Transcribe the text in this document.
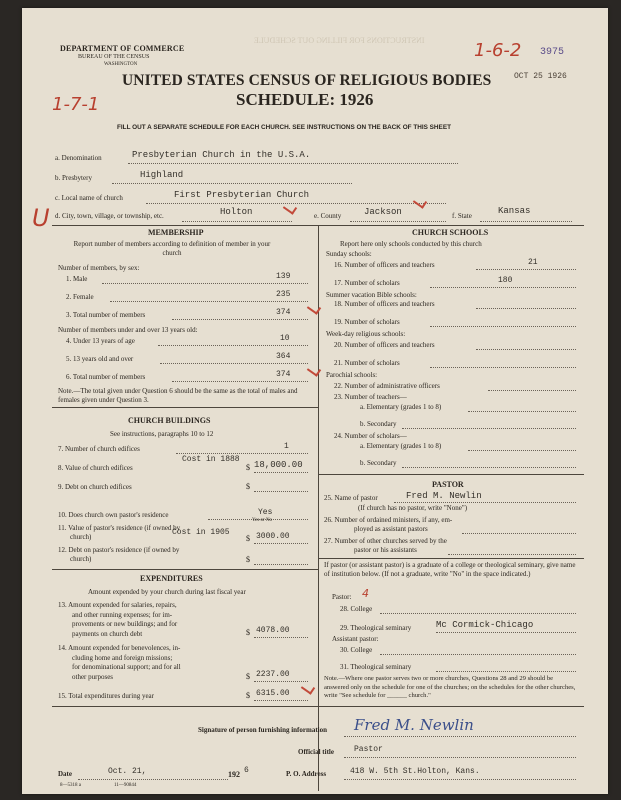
INSTRUCTIONS FOR FILLING OUT SCHEDULE
DEPARTMENT OF COMMERCE
BUREAU OF THE CENSUS
WASHINGTON
1-6-2 3975
OCT 25 1926
UNITED STATES CENSUS OF RELIGIOUS BODIES
SCHEDULE: 1926
1-7-1
FILL OUT A SEPARATE SCHEDULE FOR EACH CHURCH. SEE INSTRUCTIONS ON THE BACK OF THIS SHEET
a. Denomination	Presbyterian Church in the U.S.A.
b. Presbytery	Highland
c. Local name of church	First Presbyterian Church
d. City, town, village, or township, etc.	Holton	e. County	Jackson	f. State	Kansas
U
MEMBERSHIP
Report number of members according to definition of member in your church
Number of members, by sex:
1. Male	139
2. Female	235
3. Total number of members	374
Number of members under and over 13 years old:
4. Under 13 years of age	10
5. 13 years old and over	364
6. Total number of members	374
Note.—The total given under Question 6 should be the same as the total of males and females given under Question 3.
CHURCH BUILDINGS
See instructions, paragraphs 10 to 12
7. Number of church edifices	1
Cost in 1888
8. Value of church edifices	$ 18,000.00
9. Debt on church edifices	$
10. Does church own pastor's residence	Yes
Yes or No
11. Value of pastor's residence (if owned by
Cost in 1905
church)	$ 3000.00
12. Debt on pastor's residence (if owned by
church)	$
EXPENDITURES
Amount expended by your church during last fiscal year
13. Amount expended for salaries, repairs,
and other running expenses; for im-
provements or new buildings; and for
payments on church debt	$ 4078.00
14. Amount expended for benevolences, in-
cluding home and foreign missions;
for denominational support; and for all
other purposes	$ 2237.00
15. Total expenditures during year	$ 6315.00
CHURCH SCHOOLS
Report here only schools conducted by this church
Sunday schools:
16. Number of officers and teachers	21
17. Number of scholars	180
Summer vacation Bible schools:
18. Number of officers and teachers
19. Number of scholars
Week-day religious schools:
20. Number of officers and teachers
21. Number of scholars
Parochial schools:
22. Number of administrative officers
23. Number of teachers—
a. Elementary (grades 1 to 8)
b. Secondary
24. Number of scholars—
a. Elementary (grades 1 to 8)
b. Secondary
PASTOR
25. Name of pastor	Fred M. Newlin
(If church has no pastor, write "None")
26. Number of ordained ministers, if any, em-
ployed as assistant pastors
27. Number of other churches served by the
pastor or his assistants
If pastor (or assistant pastor) is a graduate of a college or theological seminary, give name of institution below. (If not a graduate, write "No" in the space indicated.)
Pastor: 4
28. College
29. Theological seminary	Mc Cormick-Chicago
Assistant pastor:
30. College
31. Theological seminary
Note.—Where one pastor serves two or more churches, Questions 28 and 29 should be answered only on the schedule for one of the churches; on the schedules for the other churches, write "See schedule for ______ church."
Signature of person furnishing information Fred M. Newlin
Official title	Pastor
Date	Oct. 21,	192 6	P. O. Address	418 W. 5th St.Holton, Kans.
8—5318 a	11—90844
